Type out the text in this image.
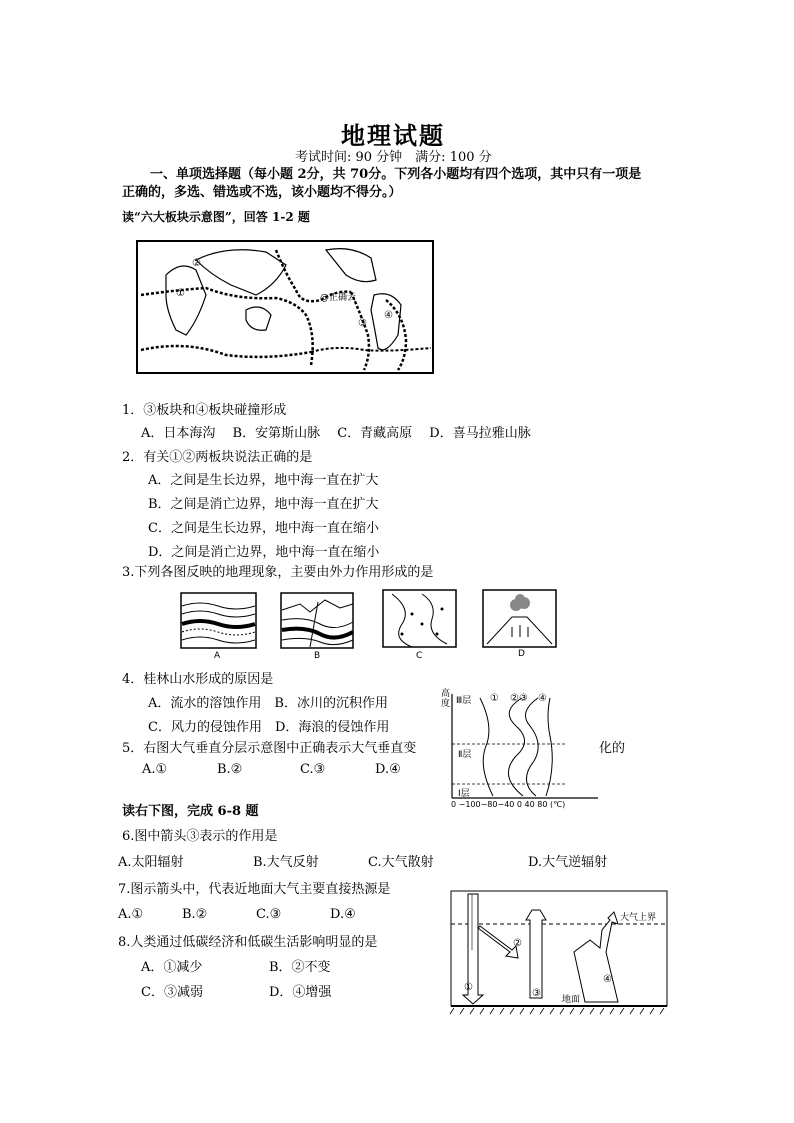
地理试题
考试时间: 90 分钟　满分: 100 分
一、单项选择题（每小题 2分，共 70分。下列各小题均有四个选项，其中只有一项是
正确的，多选、错选或不选，该小题均不得分。）
读“六大板块示意图”，回答 1-2 题
①
②
③
④
@正确云
1．③板块和④板块碰撞形成
A．日本海沟　 B．安第斯山脉　 C．青藏高原　 D．喜马拉雅山脉
2．有关①②两板块说法正确的是
A．之间是生长边界，地中海一直在扩大
B．之间是消亡边界，地中海一直在扩大
C．之间是生长边界，地中海一直在缩小
D．之间是消亡边界，地中海一直在缩小
3.下列各图反映的地理现象，主要由外力作用形成的是
A	B	C	D
4．桂林山水形成的原因是
A．流水的溶蚀作用　B．冰川的沉积作用
C．风力的侵蚀作用　D．海浪的侵蚀作用
5．右图大气垂直分层示意图中正确表示大气垂直变	化的
A.①	B.②	C.③	D.④
高度 Ⅲ层
Ⅱ层
Ⅰ层
① ②③ ④
0 −100−80−40 0 40 80 (℃)
读右下图，完成 6-8 题
6.图中箭头③表示的作用是
A.太阳辐射	B.大气反射	C.大气散射	D.大气逆辐射
7.图示箭头中，代表近地面大气主要直接热源是
A.①	B.②	C.③	D.④
8.人类通过低碳经济和低碳生活影响明显的是
A．①减少	B．②不变
C．③减弱	D．④增强	①
②
③
④
大气上界
地面
